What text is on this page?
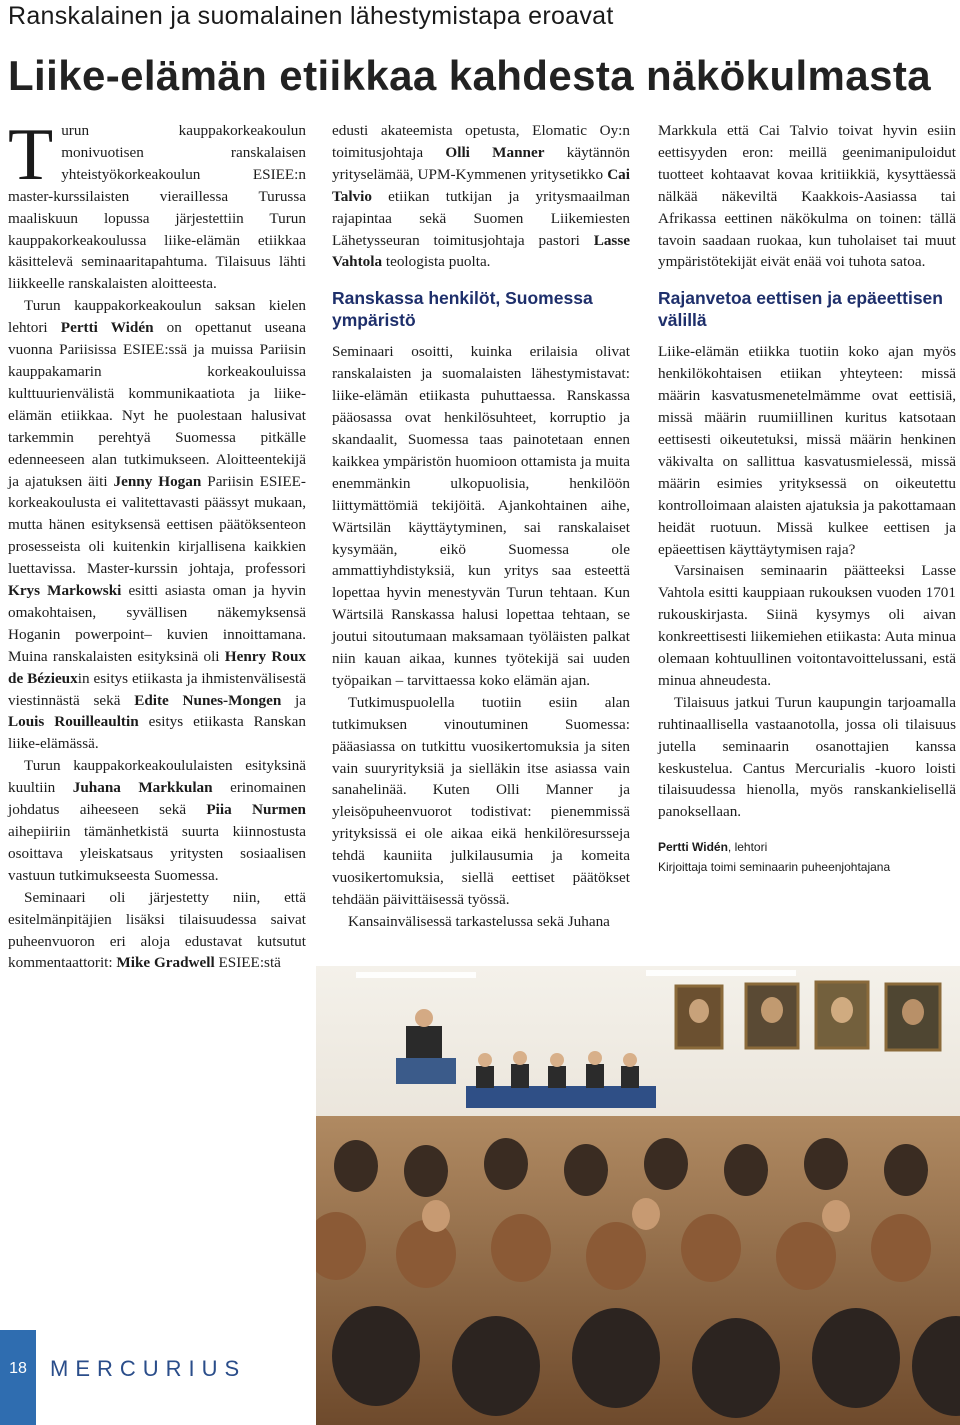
Ranskalainen ja suomalainen lähestymistapa eroavat
Liike-elämän etiikkaa kahdesta näkökulmasta

Turun kauppakorkeakoulun monivuotisen ranskalaisen yhteistyökorkeakoulun ESIEE:n master-kurssilaisten vieraillessa Turussa maaliskuun lopussa järjestettiin Turun kauppakorkeakoulussa liike-elämän etiikkaa käsittelevä seminaaritapahtuma. Tilaisuus lähti liikkeelle ranskalaisten aloitteesta.

Turun kauppakorkeakoulun saksan kielen lehtori Pertti Widén on opettanut useana vuonna Pariisissa ESIEE:ssä ja muissa Pariisin kauppakamarin korkeakouluissa kulttuurienvälistä kommunikaatiota ja liike-elämän etiikkaa. Nyt he puolestaan halusivat tarkemmin perehtyä Suomessa pitkälle edenneeseen alan tutkimukseen. Aloitteentekijä ja ajatuksen äiti Jenny Hogan Pariisin ESIEE-korkeakoulusta ei valitettavasti päässyt mukaan, mutta hänen esityksensä eettisen päätöksenteon prosesseista oli kuitenkin kirjallisena kaikkien luettavissa. Master-kurssin johtaja, professori Krys Markowski esitti asiasta oman ja hyvin omakohtaisen, syvällisen näkemyksensä Hoganin powerpoint– kuvien innoittamana. Muina ranskalaisten esityksinä oli Henry Roux de Bézieuxin esitys etiikasta ja ihmistenvälisestä viestinnästä sekä Edite Nunes-Mongen ja Louis Rouilleaultin esitys etiikasta Ranskan liike-elämässä.

Turun kauppakorkeakoululaisten esityksinä kuultiin Juhana Markkulan erinomainen johdatus aiheeseen sekä Piia Nurmen aihepiiriin tämänhetkistä suurta kiinnostusta osoittava yleiskatsaus yritysten sosiaalisen vastuun tutkimukseesta Suomessa.

Seminaari oli järjestetty niin, että esitelmänpitäjien lisäksi tilaisuudessa saivat puheenvuoron eri aloja edustavat kutsutut kommentaattorit: Mike Gradwell ESIEE:stä

edusti akateemista opetusta, Elomatic Oy:n toimitusjohtaja Olli Manner käytännön yrityselämää, UPM-Kymmenen yritysetikko Cai Talvio etiikan tutkijan ja yritysmaailman rajapintaa sekä Suomen Liikemiesten Lähetysseuran toimitusjohtaja pastori Lasse Vahtola teologista puolta.

Ranskassa henkilöt, Suomessa ympäristö

Seminaari osoitti, kuinka erilaisia olivat ranskalaisten ja suomalaisten lähestymistavat: liike-elämän etiikasta puhuttaessa. Ranskassa pääosassa ovat henkilösuhteet, korruptio ja skandaalit, Suomessa taas painotetaan ennen kaikkea ympäristön huomioon ottamista ja muita enemmänkin ulkopuolisia, henkilöön liittymättömiä tekijöitä. Ajankohtainen aihe, Wärtsilän käyttäytyminen, sai ranskalaiset kysymään, eikö Suomessa ole ammattiyhdistyksiä, kun yritys saa esteettä lopettaa hyvin menestyvän Turun tehtaan. Kun Wärtsilä Ranskassa halusi lopettaa tehtaan, se joutui sitoutumaan maksamaan työläisten palkat niin kauan aikaa, kunnes työtekijä sai uuden työpaikan – tarvittaessa koko elämän ajan.

Tutkimuspuolella tuotiin esiin alan tutkimuksen vinoutuminen Suomessa: pääasiassa on tutkittu vuosikertomuksia ja siten vain suuryrityksiä ja sielläkin itse asiassa vain sanahelinää. Kuten Olli Manner ja yleisöpuheenvuorot todistivat: pienemmissä yrityksissä ei ole aikaa eikä henkilöresursseja tehdä kauniita julkilausumia ja komeita vuosikertomuksia, siellä eettiset päätökset tehdään päivittäisessä työssä.

Kansainvälisessä tarkastelussa sekä Juhana

Markkula että Cai Talvio toivat hyvin esiin eettisyyden eron: meillä geenimanipuloidut tuotteet kohtaavat kovaa kritiikkiä, kysyttäessä nälkää näkeviltä Kaakkois-Aasiassa tai Afrikassa eettinen näkökulma on toinen: tällä tavoin saadaan ruokaa, kun tuholaiset tai muut ympäristötekijät eivät enää voi tuhota satoa.

Rajanvetoa eettisen ja epäeettisen välillä

Liike-elämän etiikka tuotiin koko ajan myös henkilökohtaisen etiikan yhteyteen: missä määrin kasvatusmenetelmämme ovat eettisiä, missä määrin ruumiillinen kuritus katsotaan eettisesti oikeutetuksi, missä määrin henkinen väkivalta on sallittua kasvatusmielessä, missä määrin esimies yrityksessä on oikeutettu kontrolloimaan alaisten ajatuksia ja pakottamaan heidät ruotuun. Missä kulkee eettisen ja epäeettisen käyttäytymisen raja?

Varsinaisen seminaarin päätteeksi Lasse Vahtola esitti kauppiaan rukouksen vuoden 1701 rukouskirjasta. Siinä kysymys oli aivan konkreettisesti liikemiehen etiikasta: Auta minua olemaan kohtuullinen voitontavoittelussani, estä minua ahneudesta.

Tilaisuus jatkui Turun kaupungin tarjoamalla ruhtinaallisella vastaanotolla, jossa oli tilaisuus jutella seminaarin osanottajien kanssa keskustelua. Cantus Mercurialis -kuoro loisti tilaisuudessa hienolla, myös ranskankielisellä panoksellaan.

Pertti Widén, lehtori
Kirjoittaja toimi seminaarin puheenjohtajana
18	MERCURIUS
